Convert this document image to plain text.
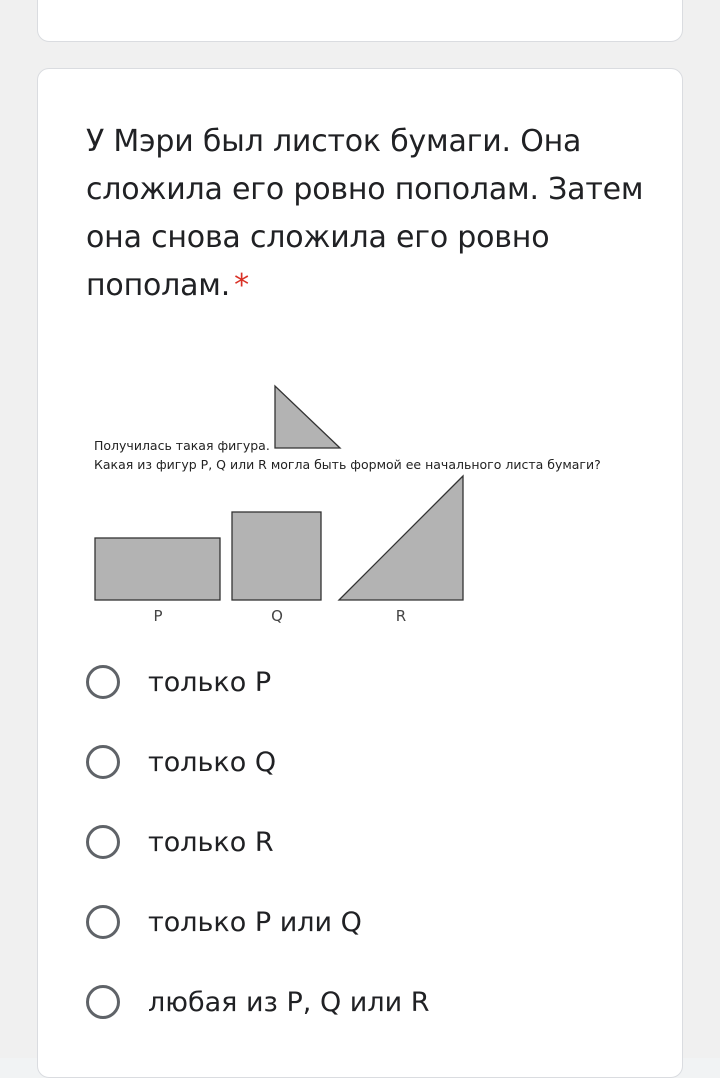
У Мэри был листок бумаги. Она сложила его ровно пополам. Затем она снова сложила его ровно пополам. *
Получилась такая фигура.
Какая из фигур P, Q или R могла быть формой ее начального листа бумаги?
P	Q	R
только P
только Q
только R
только P или Q
любая из P, Q или R
